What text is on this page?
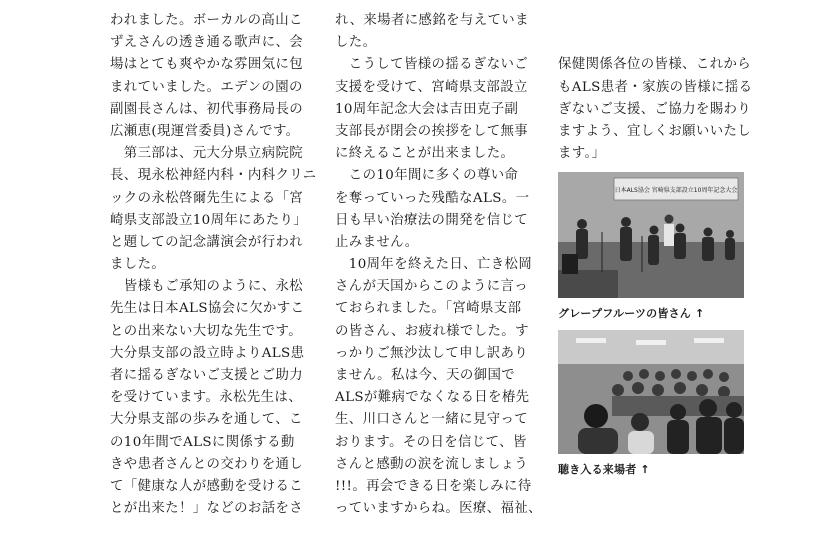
われました。ボーカルの高山こ
ずえさんの透き通る歌声に、会
場はとても爽やかな雰囲気に包
まれていました。エデンの園の
副園長さんは、初代事務局長の
広瀬恵(現運営委員)さんです。
　第三部は、元大分県立病院院
長、現永松神経内科・内科クリニ
ックの永松啓爾先生による「宮
崎県支部設立10周年にあたり」
と題しての記念講演会が行われ
ました。
　皆様もご承知のように、永松
先生は日本ALS協会に欠かすこ
との出来ない大切な先生です。
大分県支部の設立時よりALS患
者に揺るぎないご支援とご助力
を受けています。永松先生は、
大分県支部の歩みを通して、こ
の10年間でALSに関係する動
きや患者さんとの交わりを通し
て「健康な人が感動を受けるこ
とが出来た！」などのお話をさ
れ、来場者に感銘を与えていま
した。
　こうして皆様の揺るぎないご
支援を受けて、宮崎県支部設立
10周年記念大会は吉田克子副
支部長が閉会の挨拶をして無事
に終えることが出来ました。
　この10年間に多くの尊い命
を奪っていった残酷なALS。一
日も早い治療法の開発を信じて
止みません。
　10周年を終えた日、亡き松岡
さんが天国からこのように言っ
ておられました。「宮崎県支部
の皆さん、お疲れ様でした。す
っかりご無沙汰して申し訳あり
ません。私は今、天の御国で
ALSが難病でなくなる日を椿先
生、川口さんと一緒に見守って
おります。その日を信じて、皆
さんと感動の涙を流しましょう
!!!。再会できる日を楽しみに待
っていますからね。医療、福祉、

保健関係各位の皆様、これから
もALS患者・家族の皆様に揺る
ぎないご支援、ご協力を賜わり
ますよう、宜しくお願いいたし
ます。」

日本ALS協会 宮崎県支部設立10周年記念大会
グレープフルーツの皆さん ↑
聴き入る来場者 ↑
